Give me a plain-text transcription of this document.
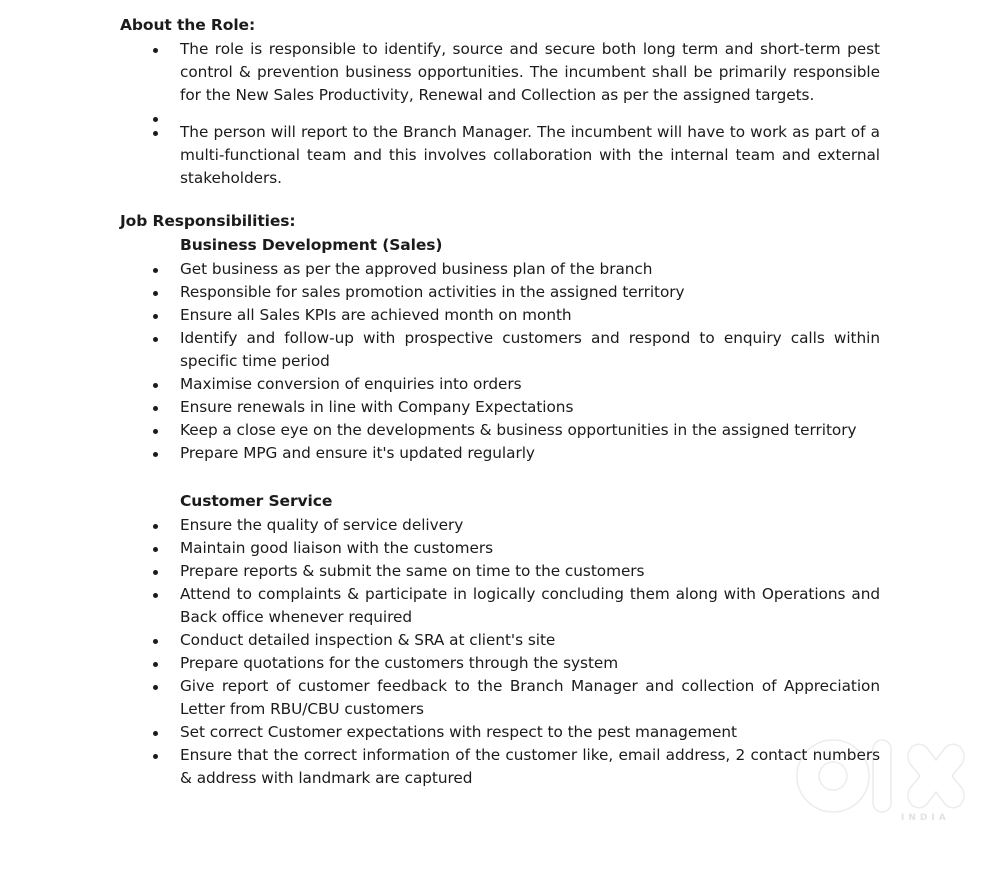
INDIA
About the Role:
The role is responsible to identify, source and secure both long term and short-term pest control & prevention business opportunities. The incumbent shall be primarily responsible for the New Sales Productivity, Renewal and Collection as per the assigned targets.
The person will report to the Branch Manager. The incumbent will have to work as part of a multi-functional team and this involves collaboration with the internal team and external stakeholders.
Job Responsibilities:
Business Development (Sales)
Get business as per the approved business plan of the branch
Responsible for sales promotion activities in the assigned territory
Ensure all Sales KPIs are achieved month on month
Identify and follow-up with prospective customers and respond to enquiry calls within specific time period
Maximise conversion of enquiries into orders
Ensure renewals in line with Company Expectations
Keep a close eye on the developments & business opportunities in the assigned territory
Prepare MPG and ensure it's updated regularly
Customer Service
Ensure the quality of service delivery
Maintain good liaison with the customers
Prepare reports & submit the same on time to the customers
Attend to complaints & participate in logically concluding them along with Operations and Back office whenever required
Conduct detailed inspection & SRA at client's site
Prepare quotations for the customers through the system
Give report of customer feedback to the Branch Manager and collection of Appreciation Letter from RBU/CBU customers
Set correct Customer expectations with respect to the pest management
Ensure that the correct information of the customer like, email address, 2 contact numbers & address with landmark are captured
